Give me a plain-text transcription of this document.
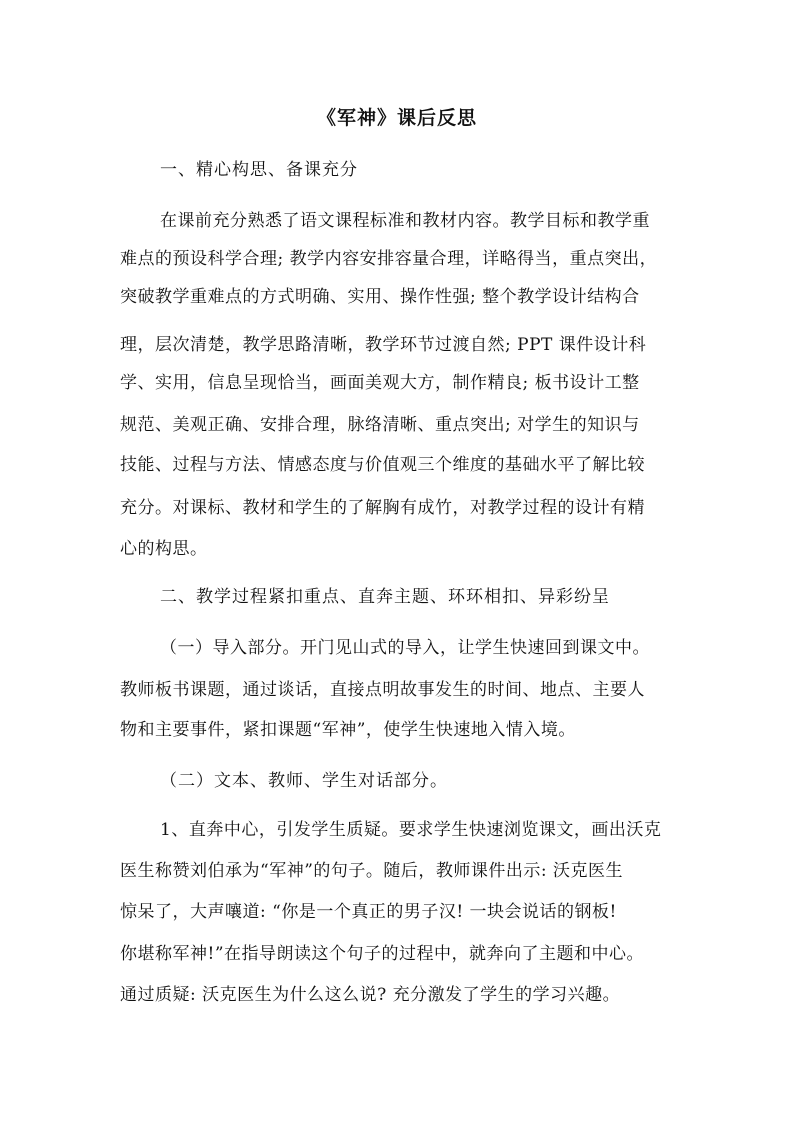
《军神》课后反思
一、精心构思、备课充分
在课前充分熟悉了语文课程标准和教材内容。教学目标和教学重
难点的预设科学合理; 教学内容安排容量合理，详略得当，重点突出，
突破教学重难点的方式明确、实用、操作性强; 整个教学设计结构合
理，层次清楚，教学思路清晰，教学环节过渡自然; PPT 课件设计科
学、实用，信息呈现恰当，画面美观大方，制作精良; 板书设计工整
规范、美观正确、安排合理，脉络清晰、重点突出; 对学生的知识与
技能、过程与方法、情感态度与价值观三个维度的基础水平了解比较
充分。对课标、教材和学生的了解胸有成竹，对教学过程的设计有精
心的构思。
二、教学过程紧扣重点、直奔主题、环环相扣、异彩纷呈
（一）导入部分。开门见山式的导入，让学生快速回到课文中。
教师板书课题，通过谈话，直接点明故事发生的时间、地点、主要人
物和主要事件，紧扣课题“军神”，使学生快速地入情入境。
（二）文本、教师、学生对话部分。
1、直奔中心，引发学生质疑。要求学生快速浏览课文，画出沃克
医生称赞刘伯承为“军神”的句子。随后，教师课件出示: 沃克医生
惊呆了，大声嚷道: “你是一个真正的男子汉! 一块会说话的钢板!
你堪称军神!”在指导朗读这个句子的过程中，就奔向了主题和中心。
通过质疑: 沃克医生为什么这么说? 充分激发了学生的学习兴趣。
